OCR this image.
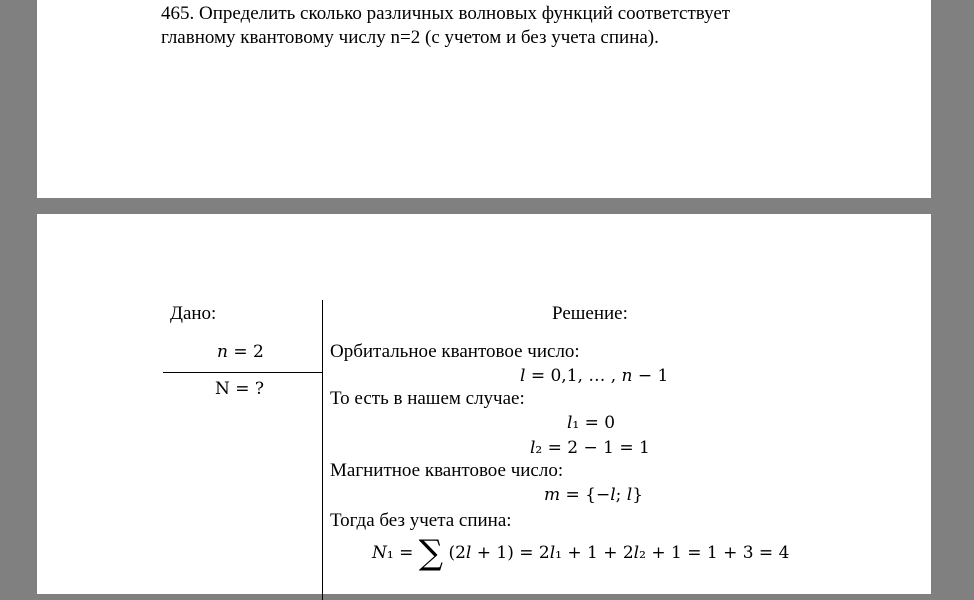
465. Определить сколько различных волновых функций соответствует
главному квантовому числу n=2 (с учетом и без учета спина).
Дано:
𝑛 = 2
N = ?
Решение:
Орбитальное квантовое число:
𝑙 = 0,1, … , 𝑛 − 1
То есть в нашем случае:
𝑙₁ = 0
𝑙₂ = 2 − 1 = 1
Магнитное квантовое число:
𝑚 = {−𝑙; 𝑙}
Тогда без учета спина:
𝑁₁ = ∑ (2𝑙 + 1) = 2𝑙₁ + 1 + 2𝑙₂ + 1 = 1 + 3 = 4
